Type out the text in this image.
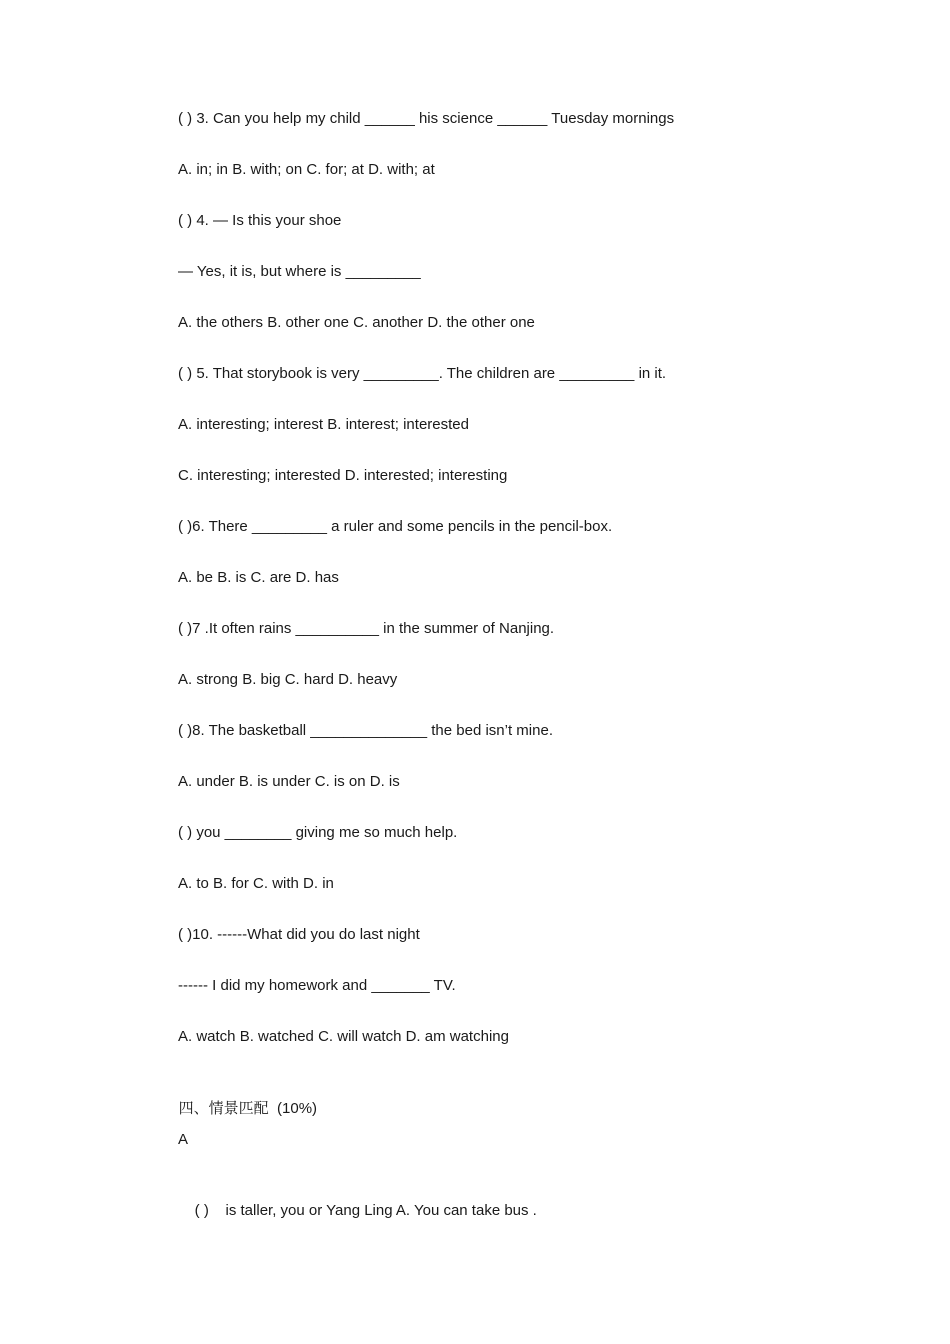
( ) 3. Can you help my child ______ his science ______ Tuesday mornings
A. in; in B. with; on C. for; at D. with; at
( ) 4. — Is this your shoe
— Yes, it is, but where is _________
A. the others B. other one C. another D. the other one
( ) 5. That storybook is very _________. The children are _________ in it.
A. interesting; interest B. interest; interested
C. interesting; interested D. interested; interesting
( )6. There _________ a ruler and some pencils in the pencil-box.
A. be B. is C. are D. has
( )7 .It often rains __________ in the summer of Nanjing.
A. strong B. big C. hard D. heavy
( )8. The basketball ______________ the bed isn’t mine.
A. under B. is under C. is on D. is
( ) you ________ giving me so much help.
A. to B. for C. with D. in
( )10. ------What did you do last night
------ I did my homework and _______ TV.
A. watch B. watched C. will watch D. am watching

四、情景匹配 (10%)

A

( ) is taller, you or Yang Ling A. You can take bus .
